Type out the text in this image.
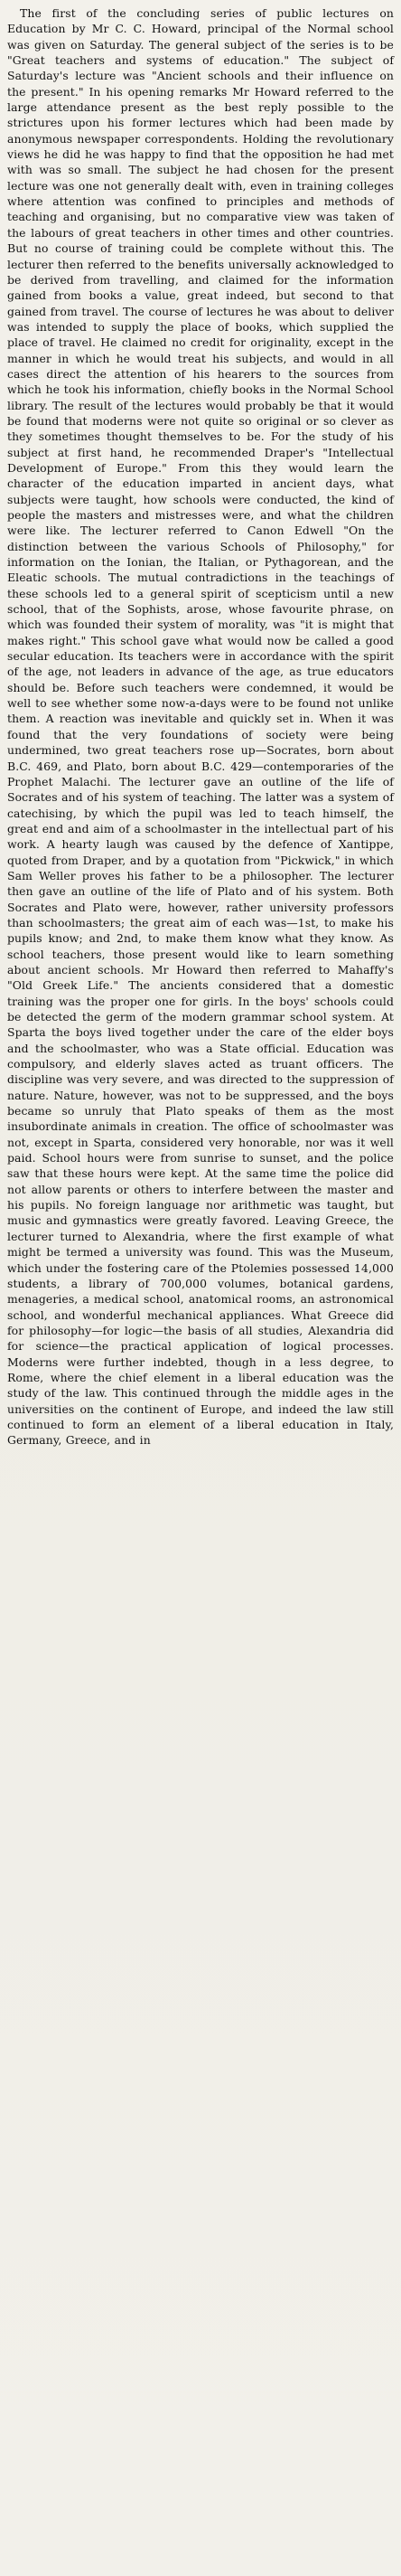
The first of the concluding series of public lectures on Education by Mr C. C. Howard, principal of the Normal school was given on Saturday. The general subject of the series is to be "Great teachers and systems of education." The subject of Saturday's lecture was "Ancient schools and their influence on the present." In his opening remarks Mr Howard referred to the large attendance present as the best reply possible to the strictures upon his former lectures which had been made by anonymous newspaper correspondents. Holding the revolutionary views he did he was happy to find that the opposition he had met with was so small. The subject he had chosen for the present lecture was one not generally dealt with, even in training colleges where attention was confined to principles and methods of teaching and organising, but no comparative view was taken of the labours of great teachers in other times and other countries. But no course of training could be complete without this. The lecturer then referred to the benefits universally acknowledged to be derived from travelling, and claimed for the information gained from books a value, great indeed, but second to that gained from travel. The course of lectures he was about to deliver was intended to supply the place of books, which supplied the place of travel. He claimed no credit for originality, except in the manner in which he would treat his subjects, and would in all cases direct the attention of his hearers to the sources from which he took his information, chiefly books in the Normal School library. The result of the lectures would probably be that it would be found that moderns were not quite so original or so clever as they sometimes thought themselves to be. For the study of his subject at first hand, he recommended Draper's "Intellectual Development of Europe." From this they would learn the character of the education imparted in ancient days, what subjects were taught, how schools were conducted, the kind of people the masters and mistresses were, and what the children were like. The lecturer referred to Canon Edwell "On the distinction between the various Schools of Philosophy," for information on the Ionian, the Italian, or Pythagorean, and the Eleatic schools. The mutual contradictions in the teachings of these schools led to a general spirit of scepticism until a new school, that of the Sophists, arose, whose favourite phrase, on which was founded their system of morality, was "it is might that makes right." This school gave what would now be called a good secular education. Its teachers were in accordance with the spirit of the age, not leaders in advance of the age, as true educators should be. Before such teachers were condemned, it would be well to see whether some now-a-days were to be found not unlike them. A reaction was inevitable and quickly set in. When it was found that the very foundations of society were being undermined, two great teachers rose up—Socrates, born about B.C. 469, and Plato, born about B.C. 429—contemporaries of the Prophet Malachi. The lecturer gave an outline of the life of Socrates and of his system of teaching. The latter was a system of catechising, by which the pupil was led to teach himself, the great end and aim of a schoolmaster in the intellectual part of his work. A hearty laugh was caused by the defence of Xantippe, quoted from Draper, and by a quotation from "Pickwick," in which Sam Weller proves his father to be a philosopher. The lecturer then gave an outline of the life of Plato and of his system. Both Socrates and Plato were, however, rather university professors than schoolmasters; the great aim of each was—1st, to make his pupils know; and 2nd, to make them know what they know. As school teachers, those present would like to learn something about ancient schools. Mr Howard then referred to Mahaffy's "Old Greek Life." The ancients considered that a domestic training was the proper one for girls. In the boys' schools could be detected the germ of the modern grammar school system. At Sparta the boys lived together under the care of the elder boys and the schoolmaster, who was a State official. Education was compulsory, and elderly slaves acted as truant officers. The discipline was very severe, and was directed to the suppression of nature. Nature, however, was not to be suppressed, and the boys became so unruly that Plato speaks of them as the most insubordinate animals in creation. The office of schoolmaster was not, except in Sparta, considered very honorable, nor was it well paid. School hours were from sunrise to sunset, and the police saw that these hours were kept. At the same time the police did not allow parents or others to interfere between the master and his pupils. No foreign language nor arithmetic was taught, but music and gymnastics were greatly favored. Leaving Greece, the lecturer turned to Alexandria, where the first example of what might be termed a university was found. This was the Museum, which under the fostering care of the Ptolemies possessed 14,000 students, a library of 700,000 volumes, botanical gardens, menageries, a medical school, anatomical rooms, an astronomical school, and wonderful mechanical appliances. What Greece did for philosophy—for logic—the basis of all studies, Alexandria did for science—the practical application of logical processes. Moderns were further indebted, though in a less degree, to Rome, where the chief element in a liberal education was the study of the law. This continued through the middle ages in the universities on the continent of Europe, and indeed the law still continued to form an element of a liberal education in Italy, Germany, Greece, and in
